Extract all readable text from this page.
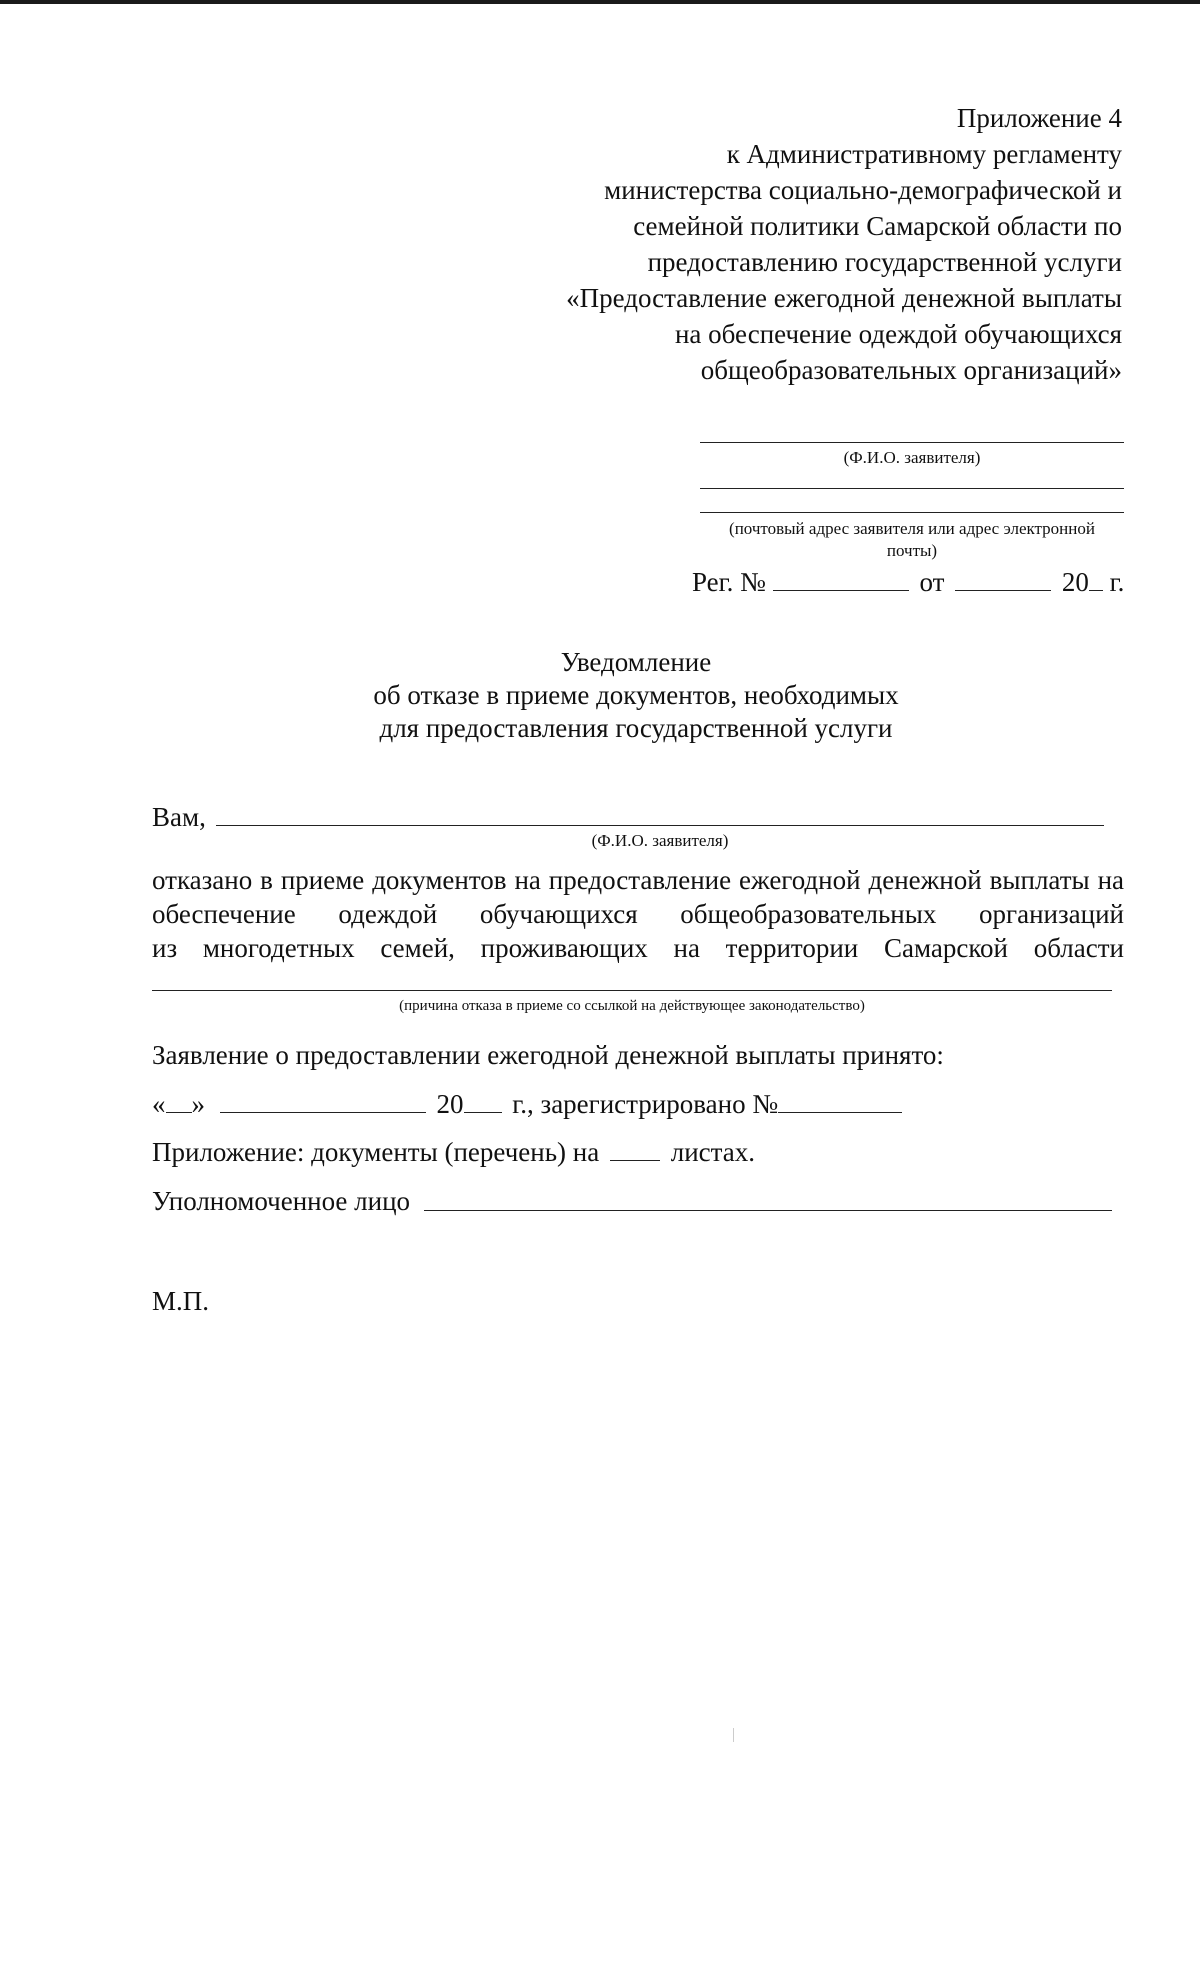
Приложение 4
к Административному регламенту
министерства социально-демографической и
семейной политики Самарской области по
предоставлению государственной услуги
«Предоставление ежегодной денежной выплаты
на обеспечение одеждой обучающихся
общеобразовательных организаций»
(Ф.И.О. заявителя)
(почтовый адрес заявителя или адрес электронной
почты)
Рег. №	от	20 г.
Уведомление
об отказе в приеме документов, необходимых
для предоставления государственной услуги
Вам,
(Ф.И.О. заявителя)
отказано в приеме документов на предоставление ежегодной денежной выплаты на
обеспечение одеждой обучающихся общеобразовательных организаций
из многодетных семей, проживающих на территории Самарской области
(причина отказа в приеме со ссылкой на действующее законодательство)
Заявление о предоставлении ежегодной денежной выплаты принято:
« »	20 г., зарегистрировано №
Приложение: документы (перечень) на	листах.
Уполномоченное лицо
М.П.
